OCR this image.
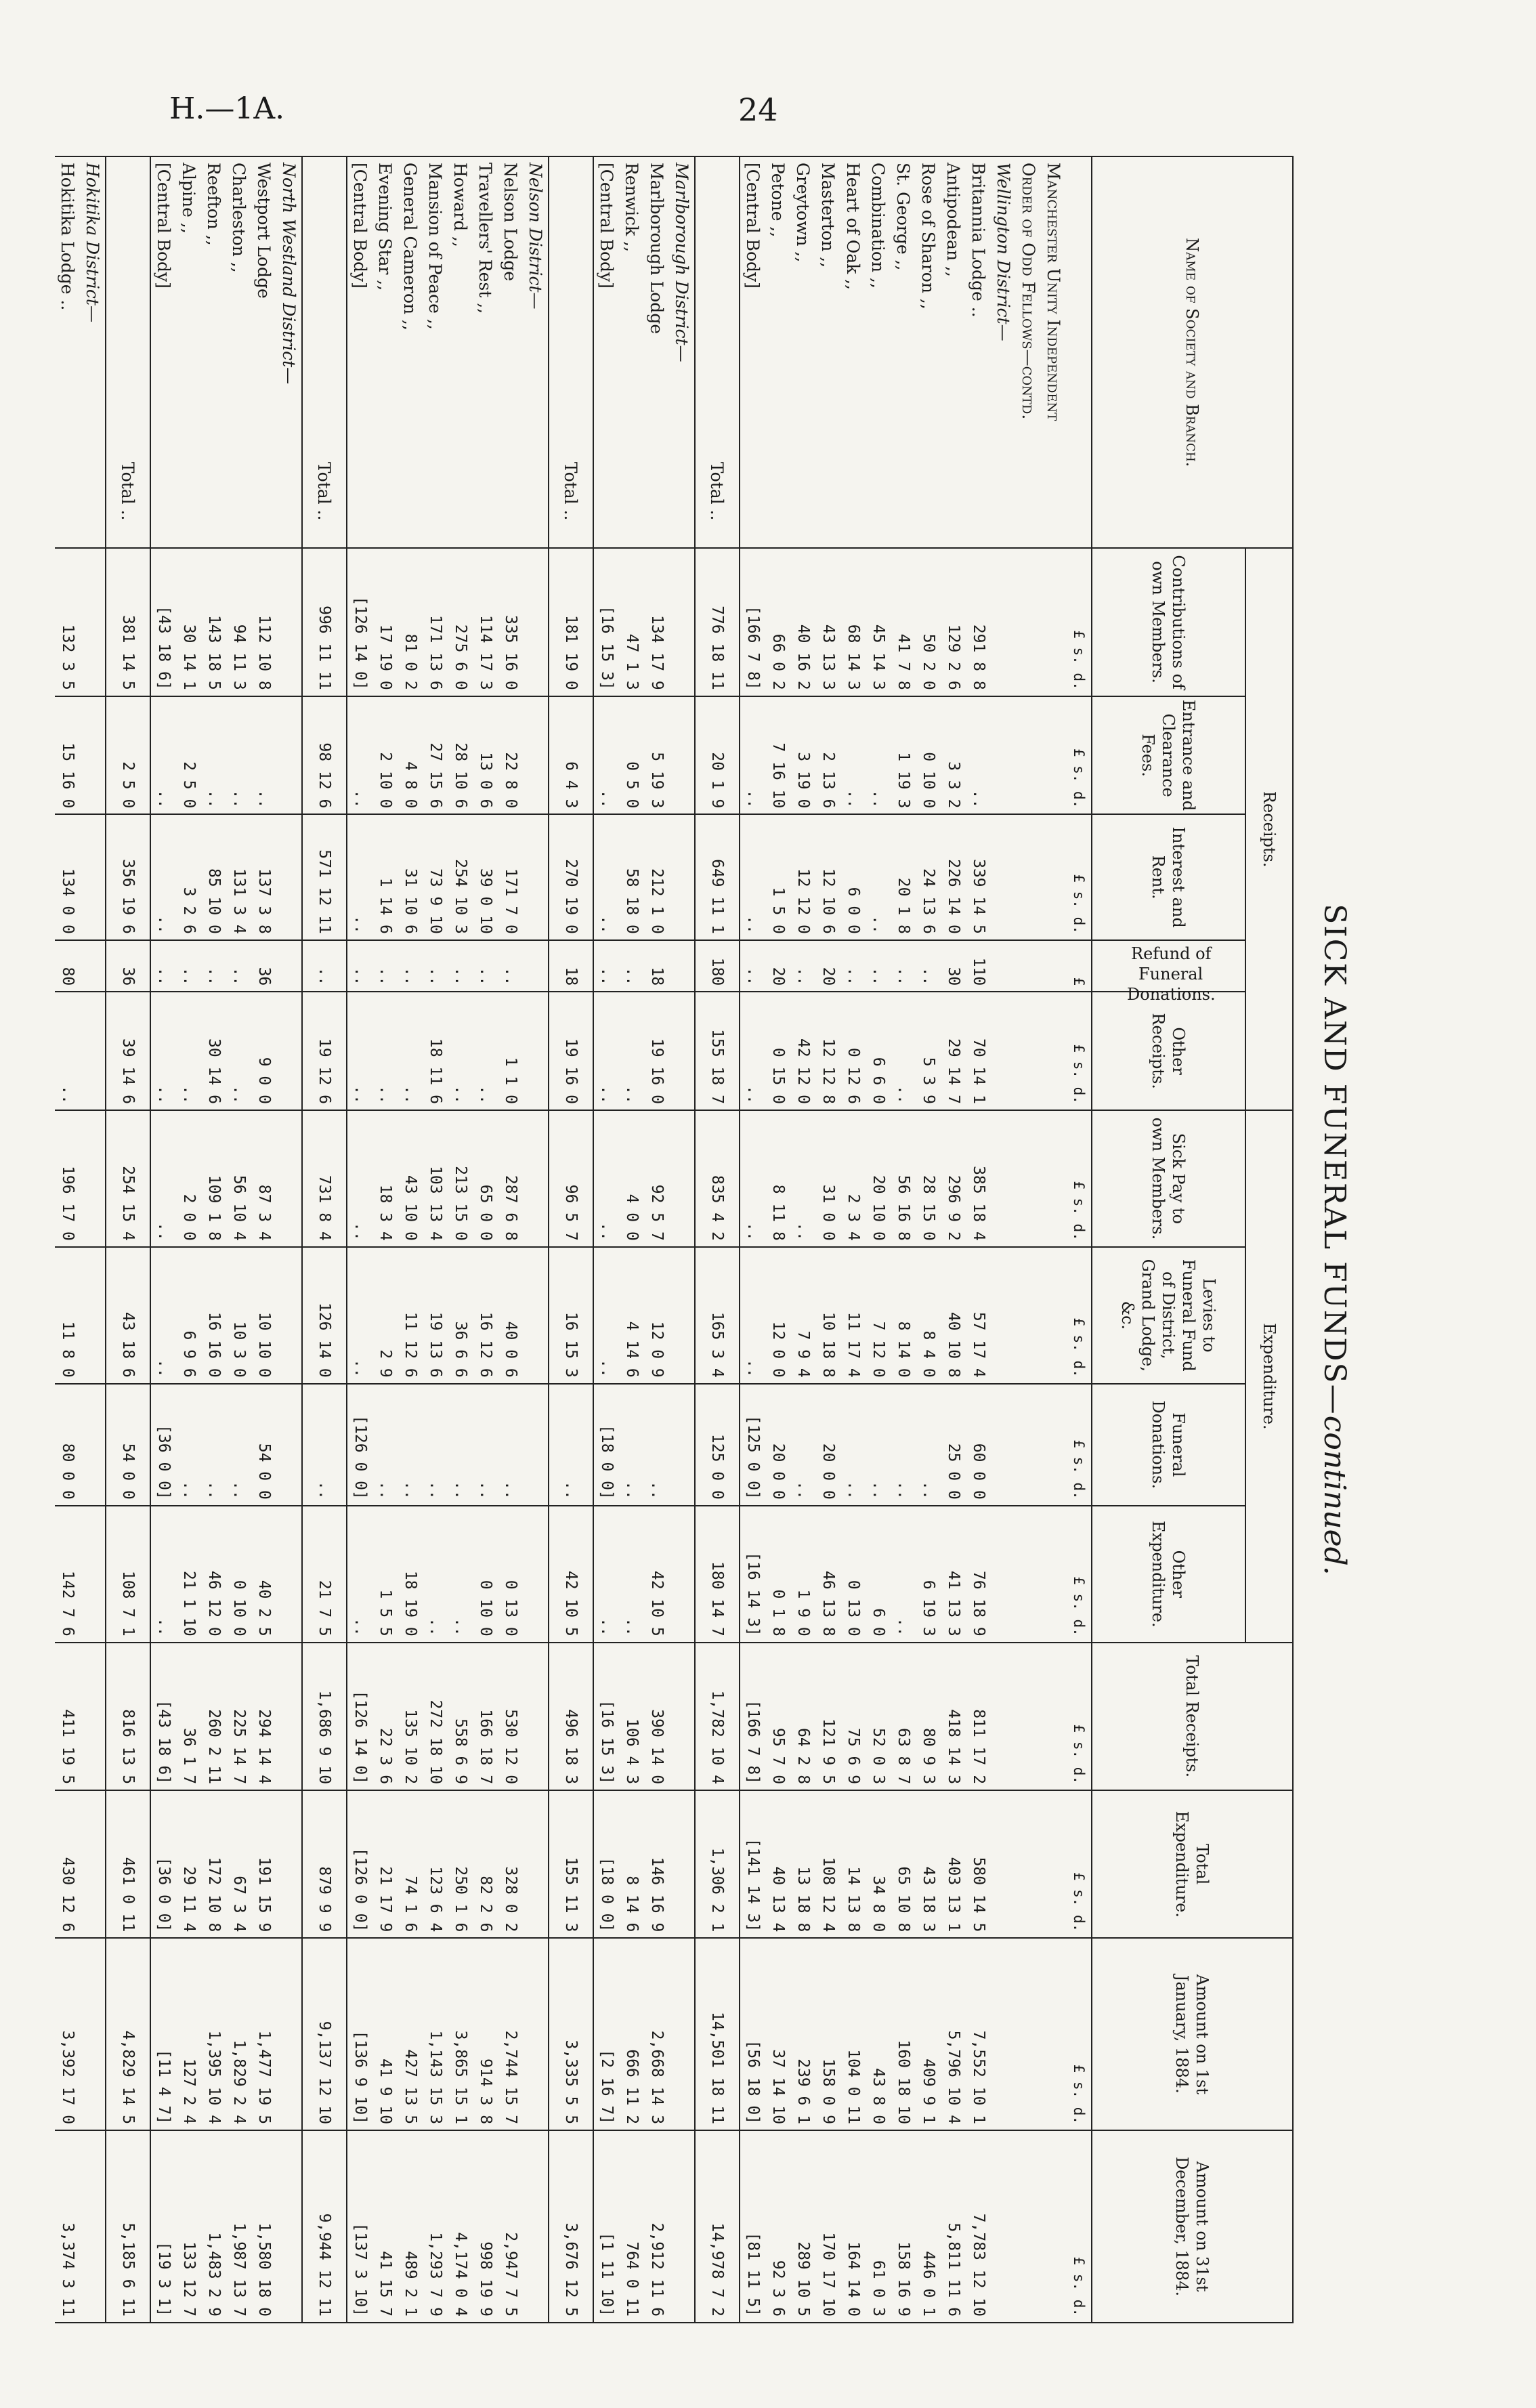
H.—1A.	24
SICK AND FUNERAL FUNDS—continued.
Name of Society and Branch.	Receipts.					Expenditure.				Total Receipts.	Total Expenditure.	Amount on 1st January, 1884.	Amount on 31st December, 1884.
	Contributions of own Members.	Entrance and Clearance Fees.	Interest and Rent.	Refund of Funeral Donations.	Other Receipts.	Sick Pay to own Members.	Levies to Funeral Fund of District, Grand Lodge, &c.	Funeral Donations.	Other Expenditure.				
	£ s. d.	£ s. d.	£ s. d.	£	£ s. d.	£ s. d.	£ s. d.	£ s. d.	£ s. d.	£ s. d.	£ s. d.	£ s. d.	£ s. d.
Manchester Unity Independent													
Order of Odd Fellows—contd.													
Wellington District—													
Britannia Lodge ..	291 8 8	..	339 14 5	110	70 14 1	385 18 4	57 17 4	60 0 0	76 18 9	811 17 2	580 14 5	7,552 10 1	7,783 12 10
Antipodean ,,	129 2 6	3 3 2	226 14 0	30	29 14 7	296 9 2	40 10 8	25 0 0	41 13 3	418 14 3	403 13 1	5,796 10 4	5,811 11 6
Rose of Sharon ,,	50 2 0	0 10 0	24 13 6	..	5 3 9	28 15 0	8 4 0	..	6 19 3	80 9 3	43 18 3	409 9 1	446 0 1
St. George ,,	41 7 8	1 19 3	20 1 8	..	..	56 16 8	8 14 0	..	..	63 8 7	65 10 8	160 18 10	158 16 9
Combination ,,	45 14 3	..	..	..	6 6 0	20 10 0	7 12 0	..	6 0	52 0 3	34 8 0	43 8 0	61 0 3
Heart of Oak ,,	68 14 3	..	6 0 0	..	0 12 6	2 3 4	11 17 4	..	0 13 0	75 6 9	14 13 8	104 0 11	164 14 0
Masterton ,,	43 13 3	2 13 6	12 10 6	20	12 12 8	31 0 0	10 18 8	20 0 0	46 13 8	121 9 5	108 12 4	158 0 9	170 17 10
Greytown ,,	40 16 2	3 19 0	12 12 0	..	42 12 0	..	7 9 4	..	1 9 0	64 2 8	13 18 8	239 6 1	289 10 5
Petone ,,	66 0 2	7 16 10	1 5 0	20	0 15 0	8 11 8	12 0 0	20 0 0	0 1 8	95 7 0	40 13 4	37 14 10	92 3 6
[Central Body]	[166 7 8]	..	..	..	..	..	..	[125 0 0]	[16 14 3]	[166 7 8]	[141 14 3]	[56 18 0]	[81 11 5]
Total ..	776 18 11	20 1 9	649 11 1	180	155 18 7	835 4 2	165 3 4	125 0 0	180 14 7	1,782 10 4	1,306 2 1	14,501 18 11	14,978 7 2
Marlborough District—													
Marlborough Lodge	134 17 9	5 19 3	212 1 0	18	19 16 0	92 5 7	12 0 9	..	42 10 5	390 14 0	146 16 9	2,668 14 3	2,912 11 6
Renwick ,,	47 1 3	0 5 0	58 18 0	..	..	4 0 0	4 14 6	..	..	106 4 3	8 14 6	666 11 2	764 0 11
[Central Body]	[16 15 3]	..	..	..	..	..	..	[18 0 0]	..	[16 15 3]	[18 0 0]	[2 16 7]	[1 11 10]
Total ..	181 19 0	6 4 3	270 19 0	18	19 16 0	96 5 7	16 15 3	..	42 10 5	496 18 3	155 11 3	3,335 5 5	3,676 12 5
Nelson District—													
Nelson Lodge	335 16 0	22 8 0	171 7 0	..	1 1 0	287 6 8	40 0 6	..	0 13 0	530 12 0	328 0 2	2,744 15 7	2,947 7 5
Travellers' Rest ,,	114 17 3	13 0 6	39 0 10	..	..	65 0 0	16 12 6	..	0 10 0	166 18 7	82 2 6	914 3 8	998 19 9
Howard ,,	275 6 0	28 10 6	254 10 3	..	..	213 15 0	36 6 6	..	..	558 6 9	250 1 6	3,865 15 1	4,174 0 4
Mansion of Peace ,,	171 13 6	27 15 6	73 9 10	..	18 11 6	103 13 4	19 13 6	..	..	272 18 10	123 6 4	1,143 15 3	1,293 7 9
General Cameron ,,	81 0 2	4 8 0	31 10 6	..	..	43 10 0	11 12 6	..	18 19 0	135 10 2	74 1 6	427 13 5	489 2 1
Evening Star ,,	17 19 0	2 10 0	1 14 6	..	..	18 3 4	2 9	..	1 5 5	22 3 6	21 17 9	41 9 10	41 15 7
[Central Body]	[126 14 0]	..	..	..	..	..	..	[126 0 0]	..	[126 14 0]	[126 0 0]	[136 9 10]	[137 3 10]
Total ..	996 11 11	98 12 6	571 12 11	..	19 12 6	731 8 4	126 14 0	..	21 7 5	1,686 9 10	879 9 9	9,137 12 10	9,944 12 11
North Westland District—													
Westport Lodge	112 10 8	..	137 3 8	36	9 0 0	87 3 4	10 10 0	54 0 0	40 2 5	294 14 4	191 15 9	1,477 19 5	1,580 18 0
Charleston ,,	94 11 3	..	131 3 4	..	..	56 10 4	10 3 0	..	0 10 0	225 14 7	67 3 4	1,829 2 4	1,987 13 7
Reefton ,,	143 18 5	..	85 10 0	..	30 14 6	109 1 8	16 16 0	..	46 12 0	260 2 11	172 10 8	1,395 10 4	1,483 2 9
Alpine ,,	30 14 1	2 5 0	3 2 6	..	..	2 0 0	6 9 6	..	21 1 10	36 1 7	29 11 4	127 2 4	133 12 7
[Central Body]	[43 18 6]	..	..	..	..	..	..	[36 0 0]	..	[43 18 6]	[36 0 0]	[11 4 7]	[19 3 1]
Total ..	381 14 5	2 5 0	356 19 6	36	39 14 6	254 15 4	43 18 6	54 0 0	108 7 1	816 13 5	461 0 11	4,829 14 5	5,185 6 11
Hokitika District—													
Hokitika Lodge ..	132 3 5	15 16 0	134 0 0	80	..	196 17 0	11 8 0	80 0 0	142 7 6	411 19 5	430 12 6	3,392 17 0	3,374 3 11
